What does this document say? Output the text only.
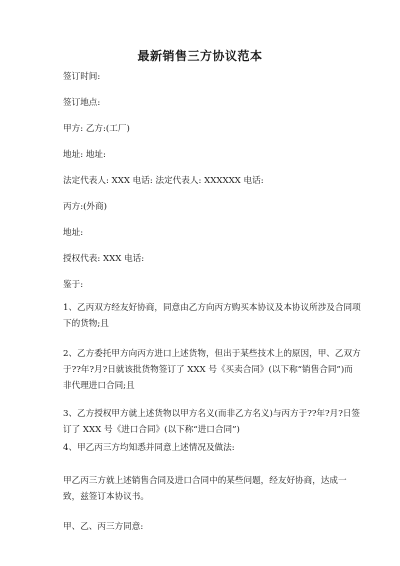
最新销售三方协议范本
签订时间:
签订地点:
甲方: 乙方:(工厂)
地址: 地址:
法定代表人: XXX 电话: 法定代表人: XXXXXX 电话:
丙方:(外商)
地址:
授权代表: XXX 电话:
鉴于:
1、乙丙双方经友好协商，同意由乙方向丙方购买本协议及本协议所涉及合同项
下的货物;且
2、乙方委托甲方向丙方进口上述货物，但出于某些技术上的原因，甲、乙双方
于??年?月?日就该批货物签订了 XXX 号《买卖合同》(以下称“销售合同”)而
非代理进口合同;且
3、乙方授权甲方就上述货物以甲方名义(而非乙方名义)与丙方于??年?月?日签
订了 XXX 号《进口合同》(以下称“进口合同”)
4、甲乙丙三方均知悉并同意上述情况及做法:
甲乙丙三方就上述销售合同及进口合同中的某些问题，经友好协商，达成一
致，兹签订本协议书。
甲、乙、丙三方同意:
